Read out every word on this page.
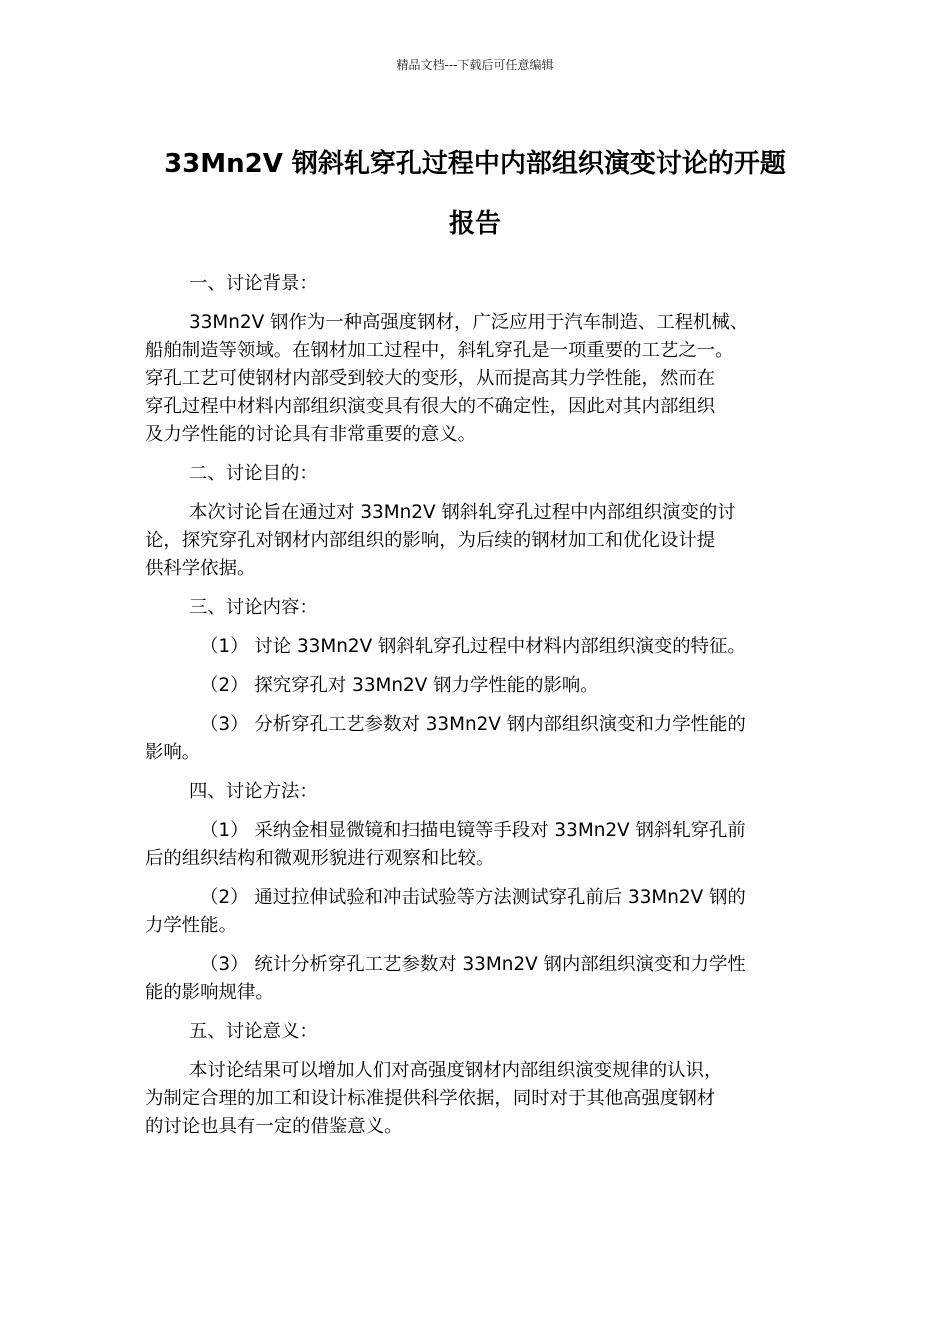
精品文档---下载后可任意编辑
33Mn2V 钢斜轧穿孔过程中内部组织演变讨论的开题
报告

一、讨论背景：

33Mn2V 钢作为一种高强度钢材，广泛应用于汽车制造、工程机械、

船舶制造等领域。在钢材加工过程中，斜轧穿孔是一项重要的工艺之一。

穿孔工艺可使钢材内部受到较大的变形，从而提高其力学性能，然而在

穿孔过程中材料内部组织演变具有很大的不确定性，因此对其内部组织

及力学性能的讨论具有非常重要的意义。

二、讨论目的：

本次讨论旨在通过对 33Mn2V 钢斜轧穿孔过程中内部组织演变的讨

论，探究穿孔对钢材内部组织的影响，为后续的钢材加工和优化设计提

供科学依据。

三、讨论内容：

（1） 讨论 33Mn2V 钢斜轧穿孔过程中材料内部组织演变的特征。

（2） 探究穿孔对 33Mn2V 钢力学性能的影响。

（3） 分析穿孔工艺参数对 33Mn2V 钢内部组织演变和力学性能的

影响。

四、讨论方法：

（1） 采纳金相显微镜和扫描电镜等手段对 33Mn2V 钢斜轧穿孔前

后的组织结构和微观形貌进行观察和比较。

（2） 通过拉伸试验和冲击试验等方法测试穿孔前后 33Mn2V 钢的

力学性能。

（3） 统计分析穿孔工艺参数对 33Mn2V 钢内部组织演变和力学性

能的影响规律。

五、讨论意义：

本讨论结果可以增加人们对高强度钢材内部组织演变规律的认识，

为制定合理的加工和设计标准提供科学依据，同时对于其他高强度钢材

的讨论也具有一定的借鉴意义。
